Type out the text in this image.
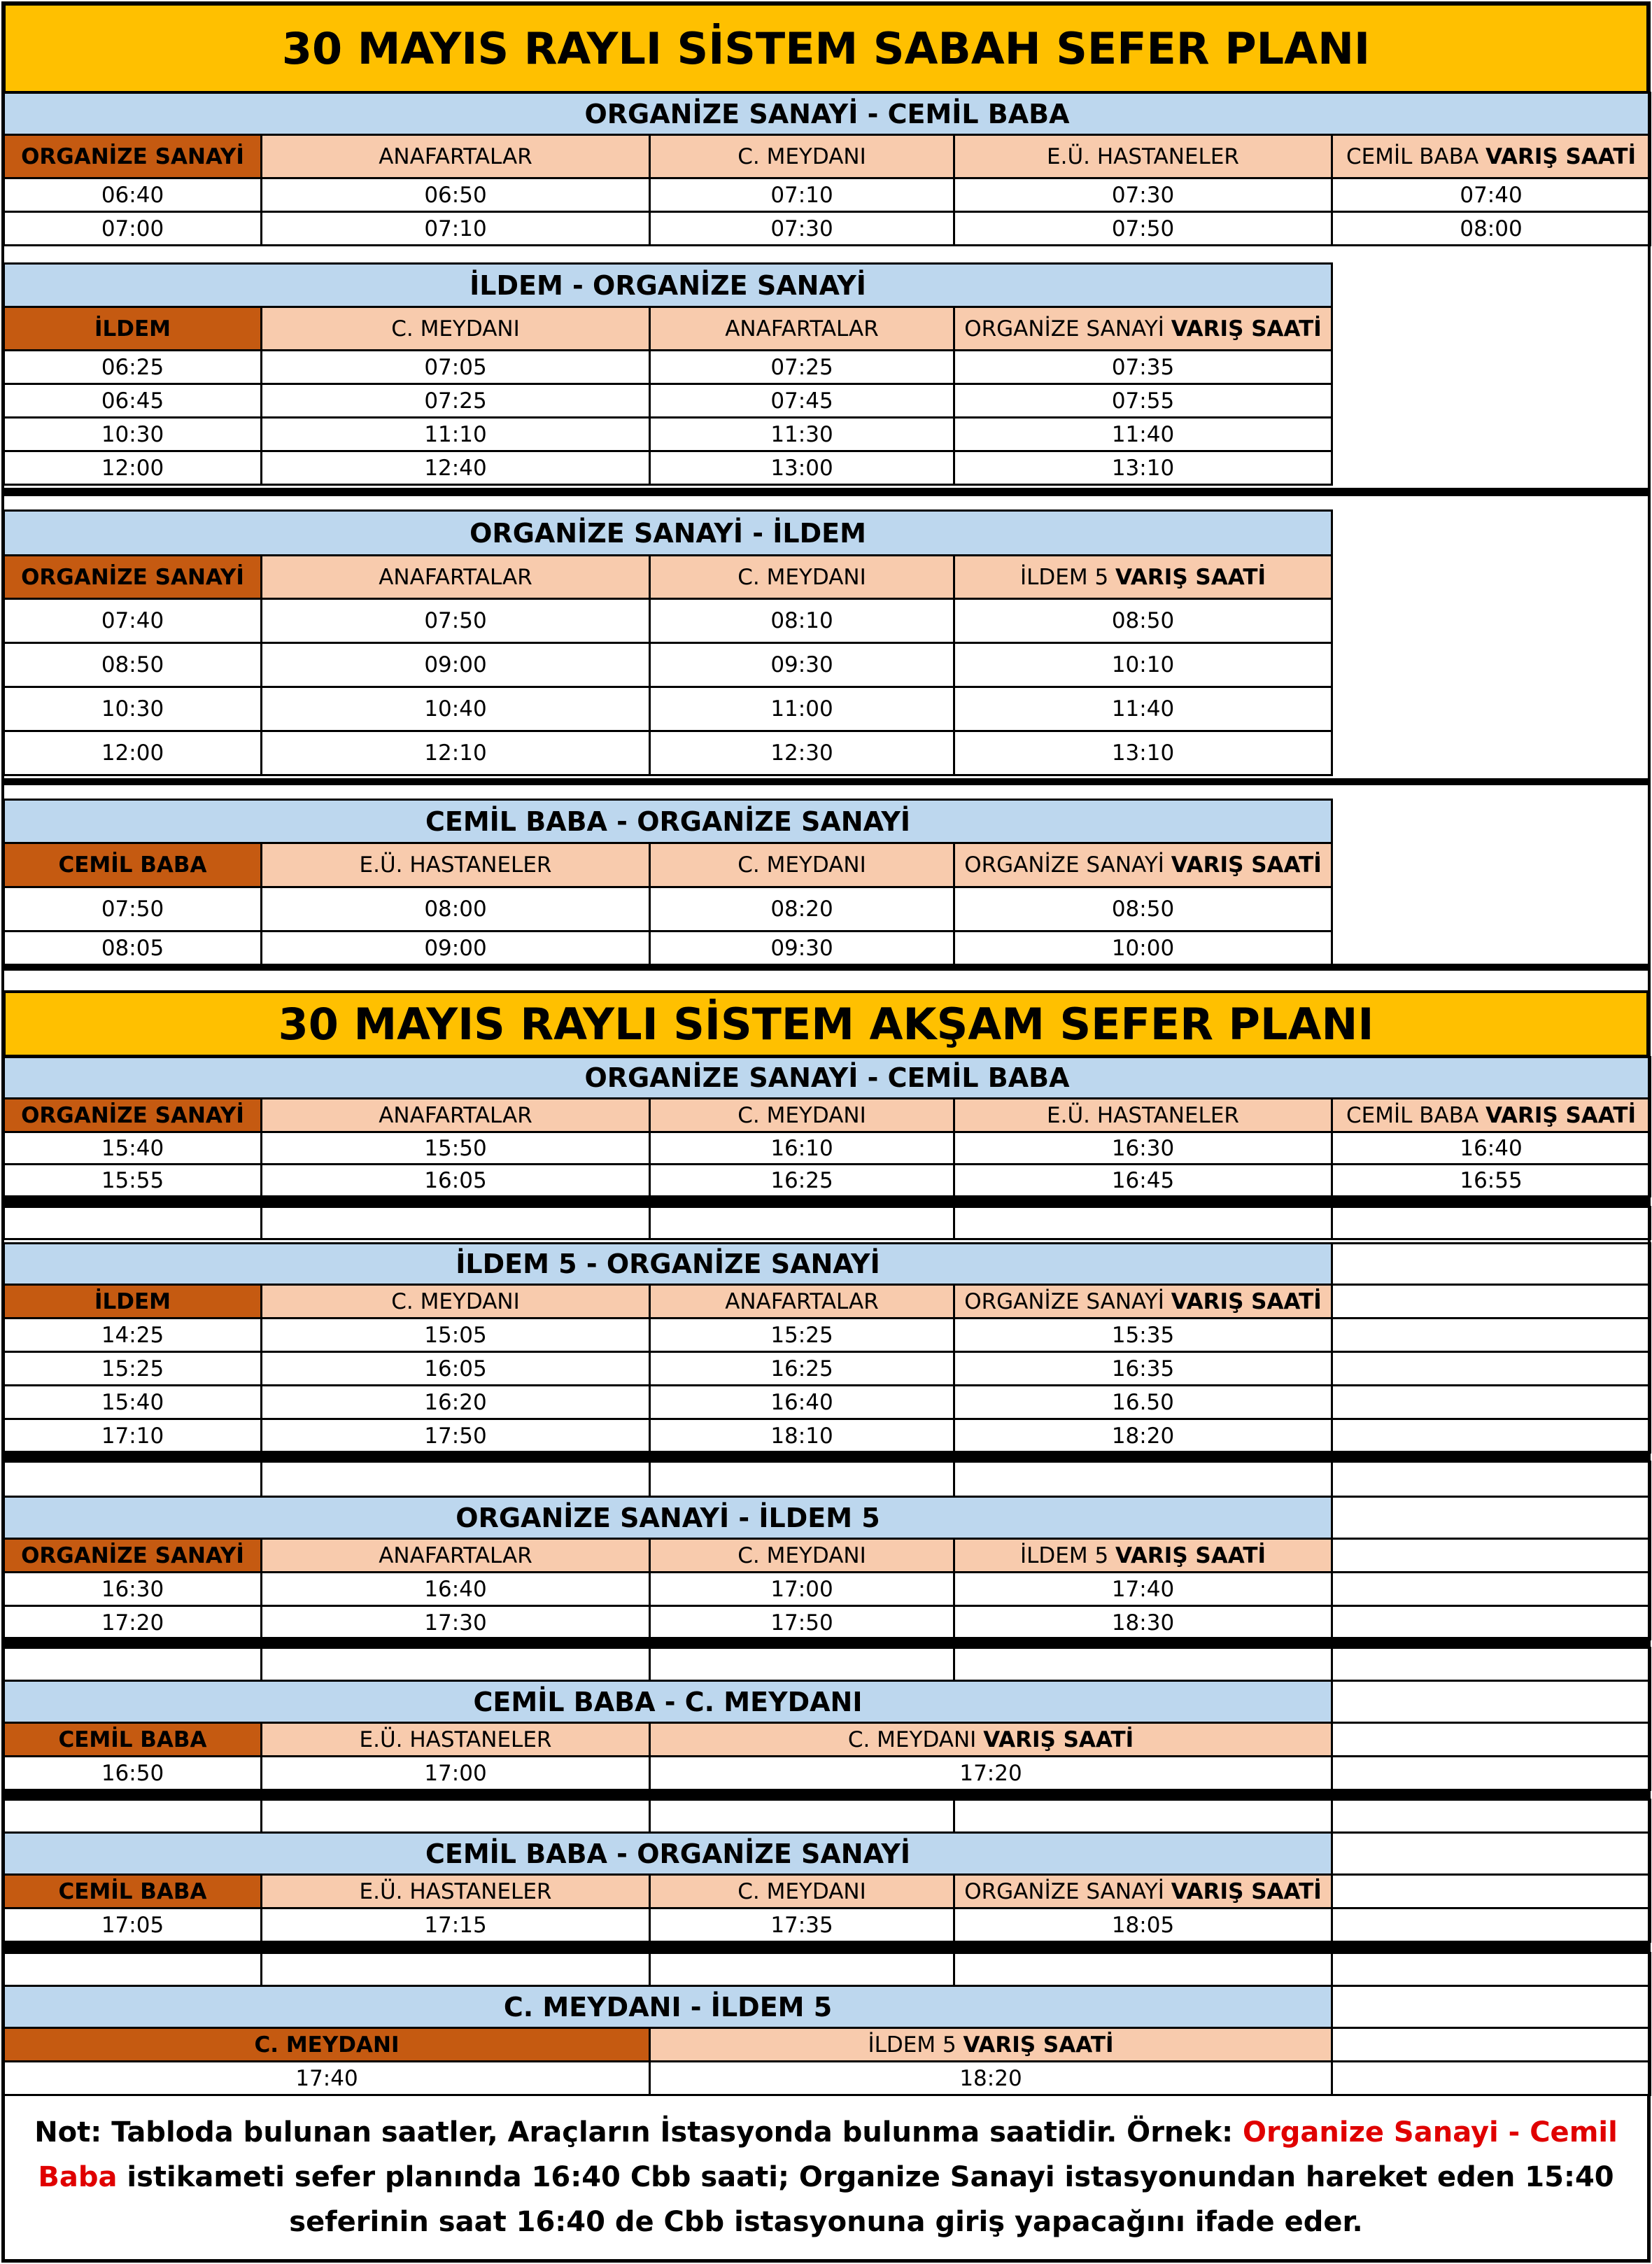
30 MAYIS RAYLI SİSTEM SABAH SEFER PLANI
ORGANİZE SANAYİ - CEMİL BABA				
ORGANİZE SANAYİ	ANAFARTALAR	C. MEYDANI	E.Ü. HASTANELER	CEMİL BABA VARIŞ SAATİ
06:40	06:50	07:10	07:30	07:40
07:00	07:10	07:30	07:50	08:00
İLDEM - ORGANİZE SANAYİ			
İLDEM	C. MEYDANI	ANAFARTALAR	ORGANİZE SANAYİ VARIŞ SAATİ
06:25	07:05	07:25	07:35
06:45	07:25	07:45	07:55
10:30	11:10	11:30	11:40
12:00	12:40	13:00	13:10
ORGANİZE SANAYİ - İLDEM			
ORGANİZE SANAYİ	ANAFARTALAR	C. MEYDANI	İLDEM 5 VARIŞ SAATİ
07:40	07:50	08:10	08:50
08:50	09:00	09:30	10:10
10:30	10:40	11:00	11:40
12:00	12:10	12:30	13:10
CEMİL BABA - ORGANİZE SANAYİ			
CEMİL BABA	E.Ü. HASTANELER	C. MEYDANI	ORGANİZE SANAYİ VARIŞ SAATİ
07:50	08:00	08:20	08:50
08:05	09:00	09:30	10:00
30 MAYIS RAYLI SİSTEM AKŞAM SEFER PLANI
ORGANİZE SANAYİ - CEMİL BABA				
ORGANİZE SANAYİ	ANAFARTALAR	C. MEYDANI	E.Ü. HASTANELER	CEMİL BABA VARIŞ SAATİ
15:40	15:50	16:10	16:30	16:40
15:55	16:05	16:25	16:45	16:55

İLDEM 5 - ORGANİZE SANAYİ				
İLDEM	C. MEYDANI	ANAFARTALAR	ORGANİZE SANAYİ VARIŞ SAATİ	
14:25	15:05	15:25	15:35	
15:25	16:05	16:25	16:35	
15:40	16:20	16:40	16.50	
17:10	17:50	18:10	18:20	

ORGANİZE SANAYİ - İLDEM 5				
ORGANİZE SANAYİ	ANAFARTALAR	C. MEYDANI	İLDEM 5 VARIŞ SAATİ	
16:30	16:40	17:00	17:40	
17:20	17:30	17:50	18:30	

CEMİL BABA - C. MEYDANI			
CEMİL BABA	E.Ü. HASTANELER	C. MEYDANI VARIŞ SAATİ	
16:50	17:00	17:20	

CEMİL BABA - ORGANİZE SANAYİ				
CEMİL BABA	E.Ü. HASTANELER	C. MEYDANI	ORGANİZE SANAYİ VARIŞ SAATİ	
17:05	17:15	17:35	18:05	

C. MEYDANI - İLDEM 5		
C. MEYDANI	İLDEM 5 VARIŞ SAATİ	
17:40	18:20	
Not: Tabloda bulunan saatler, Araçların İstasyonda bulunma saatidir. Örnek: Organize Sanayi - Cemil Baba istikameti sefer planında 16:40 Cbb saati; Organize Sanayi istasyonundan hareket eden 15:40 seferinin saat 16:40 de Cbb istasyonuna giriş yapacağını ifade eder.
